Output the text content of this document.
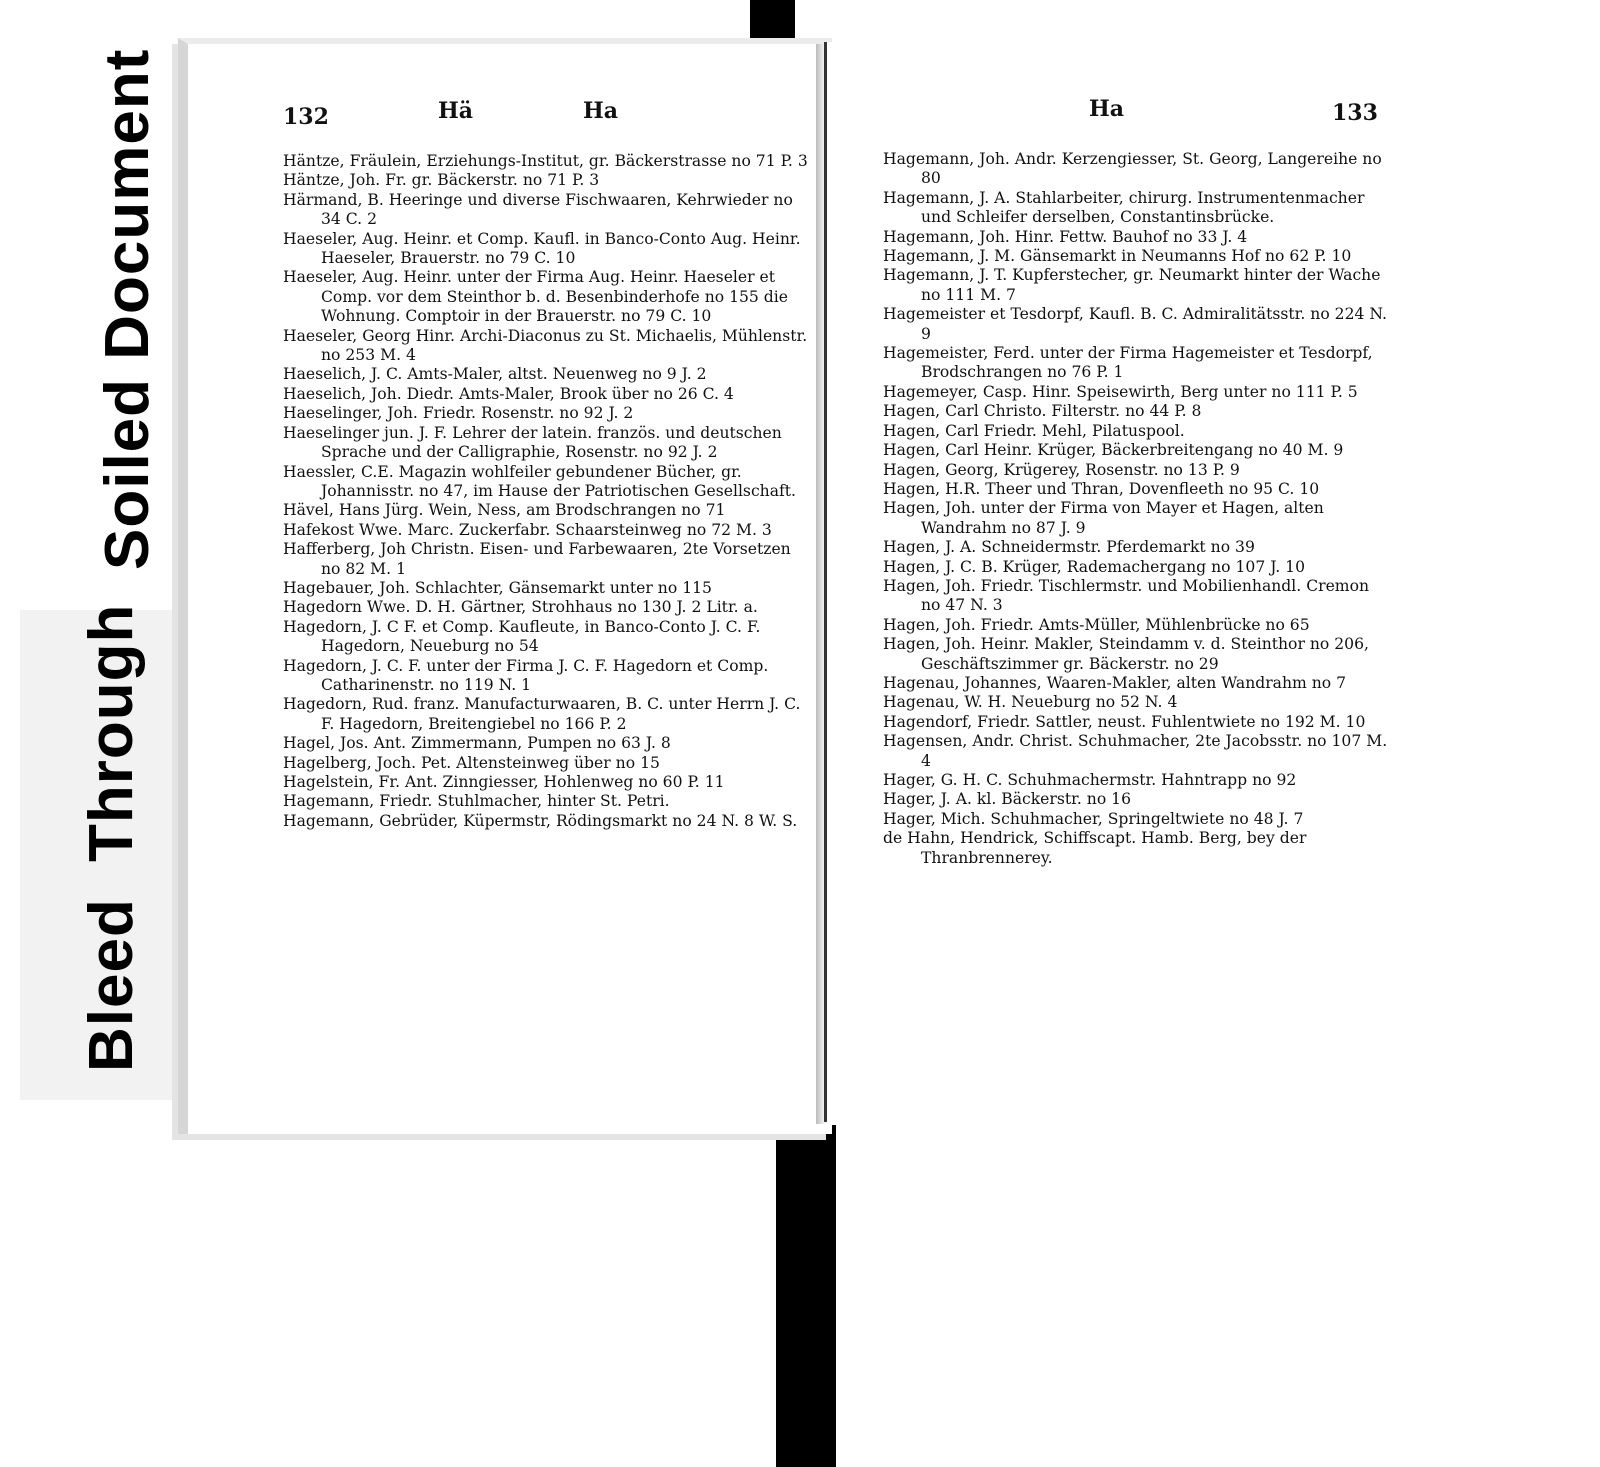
Soiled Document
Bleed Through
132	Hä	Ha

Häntze, Fräulein, Erziehungs-Institut, gr. Bäckerstrasse no 71 P. 3

Häntze, Joh. Fr. gr. Bäckerstr. no 71 P. 3

Härmand, B. Heeringe und diverse Fischwaaren, Kehrwieder no 34 C. 2

Haeseler, Aug. Heinr. et Comp. Kaufl. in Banco-Conto Aug. Heinr. Haeseler, Brauerstr. no 79 C. 10

Haeseler, Aug. Heinr. unter der Firma Aug. Heinr. Haeseler et Comp. vor dem Steinthor b. d. Besenbinderhofe no 155 die Wohnung. Comptoir in der Brauerstr. no 79 C. 10

Haeseler, Georg Hinr. Archi-Diaconus zu St. Michaelis, Mühlenstr. no 253 M. 4

Haeselich, J. C. Amts-Maler, altst. Neuenweg no 9 J. 2

Haeselich, Joh. Diedr. Amts-Maler, Brook über no 26 C. 4

Haeselinger, Joh. Friedr. Rosenstr. no 92 J. 2

Haeselinger jun. J. F. Lehrer der latein. französ. und deutschen Sprache und der Calligraphie, Rosenstr. no 92 J. 2

Haessler, C.E. Magazin wohlfeiler gebundener Bücher, gr. Johannisstr. no 47, im Hause der Patriotischen Gesellschaft.

Hävel, Hans Jürg. Wein, Ness, am Brodschrangen no 71

Hafekost Wwe. Marc. Zuckerfabr. Schaarsteinweg no 72 M. 3

Hafferberg, Joh Christn. Eisen- und Farbewaaren, 2te Vorsetzen no 82 M. 1

Hagebauer, Joh. Schlachter, Gänsemarkt unter no 115

Hagedorn Wwe. D. H. Gärtner, Strohhaus no 130 J. 2 Litr. a.

Hagedorn, J. C F. et Comp. Kaufleute, in Banco-Conto J. C. F. Hagedorn, Neueburg no 54

Hagedorn, J. C. F. unter der Firma J. C. F. Hagedorn et Comp. Catharinenstr. no 119 N. 1

Hagedorn, Rud. franz. Manufacturwaaren, B. C. unter Herrn J. C. F. Hagedorn, Breitengiebel no 166 P. 2

Hagel, Jos. Ant. Zimmermann, Pumpen no 63 J. 8

Hagelberg, Joch. Pet. Altensteinweg über no 15

Hagelstein, Fr. Ant. Zinngiesser, Hohlenweg no 60 P. 11

Hagemann, Friedr. Stuhlmacher, hinter St. Petri.

Hagemann, Gebrüder, Küpermstr, Rödingsmarkt no 24 N. 8 W. S.

Ha	133

Hagemann, Joh. Andr. Kerzengiesser, St. Georg, Langereihe no 80

Hagemann, J. A. Stahlarbeiter, chirurg. Instrumentenmacher und Schleifer derselben, Constantinsbrücke.

Hagemann, Joh. Hinr. Fettw. Bauhof no 33 J. 4

Hagemann, J. M. Gänsemarkt in Neumanns Hof no 62 P. 10

Hagemann, J. T. Kupferstecher, gr. Neumarkt hinter der Wache no 111 M. 7

Hagemeister et Tesdorpf, Kaufl. B. C. Admiralitätsstr. no 224 N. 9

Hagemeister, Ferd. unter der Firma Hagemeister et Tesdorpf, Brodschrangen no 76 P. 1

Hagemeyer, Casp. Hinr. Speisewirth, Berg unter no 111 P. 5

Hagen, Carl Christo. Filterstr. no 44 P. 8

Hagen, Carl Friedr. Mehl, Pilatuspool.

Hagen, Carl Heinr. Krüger, Bäckerbreitengang no 40 M. 9

Hagen, Georg, Krügerey, Rosenstr. no 13 P. 9

Hagen, H.R. Theer und Thran, Dovenfleeth no 95 C. 10

Hagen, Joh. unter der Firma von Mayer et Hagen, alten Wandrahm no 87 J. 9

Hagen, J. A. Schneidermstr. Pferdemarkt no 39

Hagen, J. C. B. Krüger, Rademachergang no 107 J. 10

Hagen, Joh. Friedr. Tischlermstr. und Mobilienhandl. Cremon no 47 N. 3

Hagen, Joh. Friedr. Amts-Müller, Mühlenbrücke no 65

Hagen, Joh. Heinr. Makler, Steindamm v. d. Steinthor no 206, Geschäftszimmer gr. Bäckerstr. no 29

Hagenau, Johannes, Waaren-Makler, alten Wandrahm no 7

Hagenau, W. H. Neueburg no 52 N. 4

Hagendorf, Friedr. Sattler, neust. Fuhlentwiete no 192 M. 10

Hagensen, Andr. Christ. Schuhmacher, 2te Jacobsstr. no 107 M. 4

Hager, G. H. C. Schuhmachermstr. Hahntrapp no 92

Hager, J. A. kl. Bäckerstr. no 16

Hager, Mich. Schuhmacher, Springeltwiete no 48 J. 7

de Hahn, Hendrick, Schiffscapt. Hamb. Berg, bey der Thranbrennerey.
